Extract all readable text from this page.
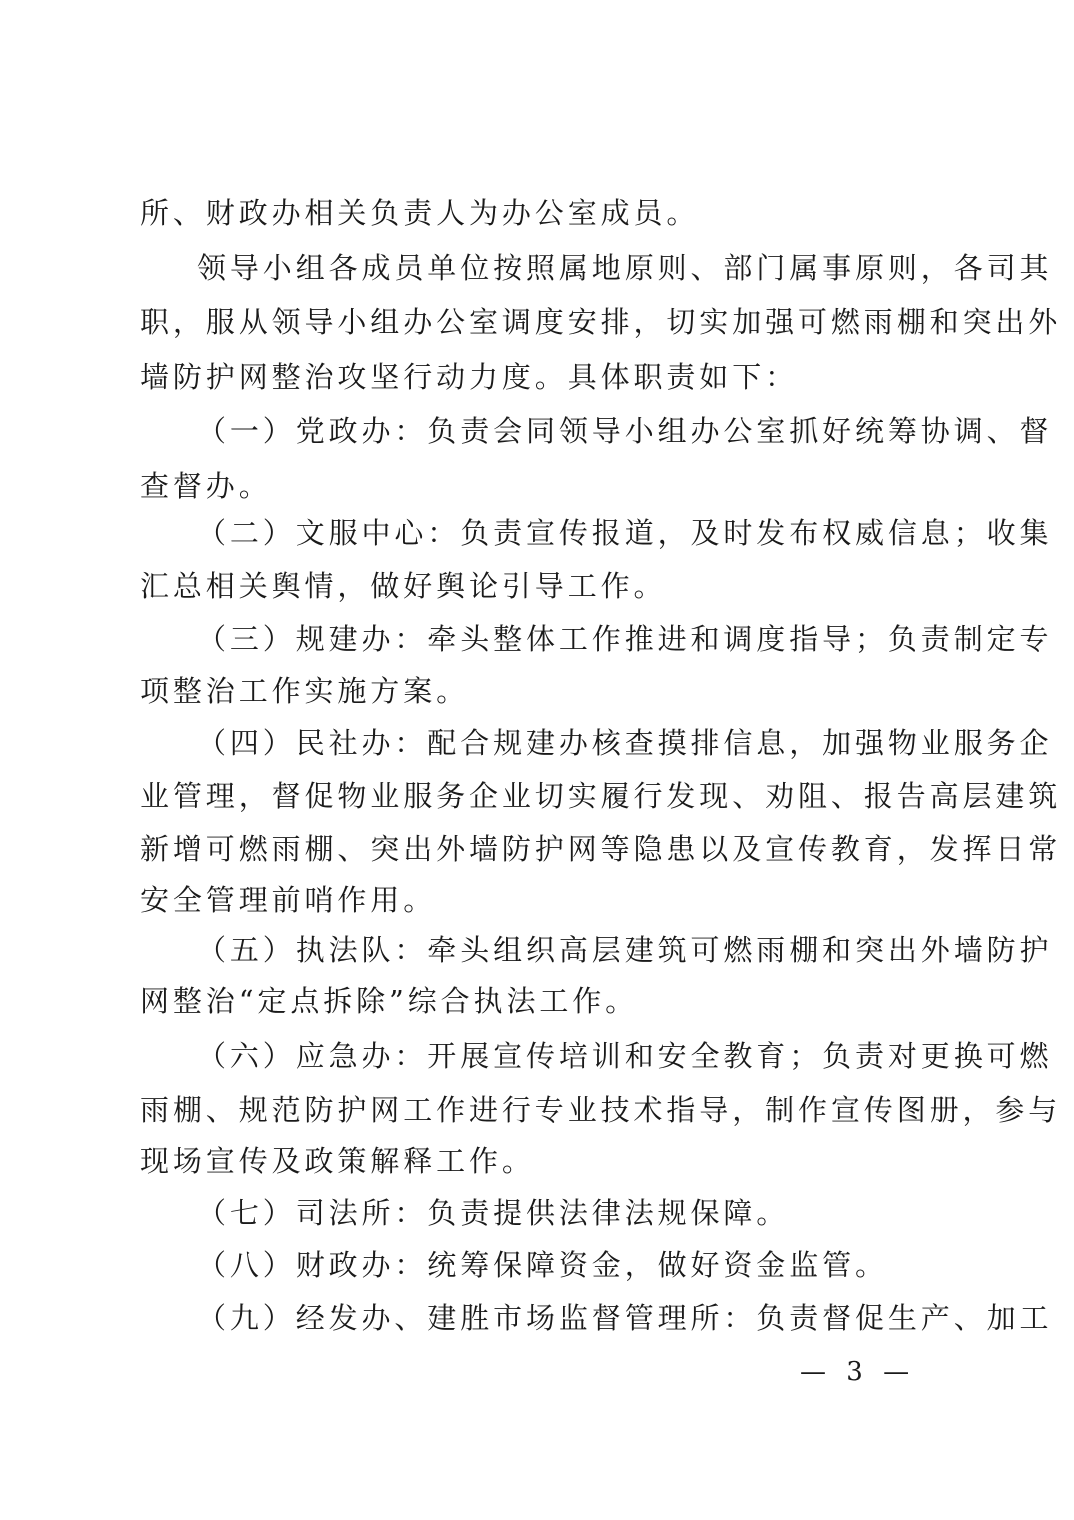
所、财政办相关负责人为办公室成员。
领导小组各成员单位按照属地原则、部门属事原则，各司其
职，服从领导小组办公室调度安排，切实加强可燃雨棚和突出外
墙防护网整治攻坚行动力度。具体职责如下：
（一）党政办：负责会同领导小组办公室抓好统筹协调、督
查督办。
（二）文服中心：负责宣传报道，及时发布权威信息；收集
汇总相关舆情，做好舆论引导工作。
（三）规建办：牵头整体工作推进和调度指导；负责制定专
项整治工作实施方案。
（四）民社办：配合规建办核查摸排信息，加强物业服务企
业管理，督促物业服务企业切实履行发现、劝阻、报告高层建筑
新增可燃雨棚、突出外墙防护网等隐患以及宣传教育，发挥日常
安全管理前哨作用。
（五）执法队：牵头组织高层建筑可燃雨棚和突出外墙防护
网整治“定点拆除”综合执法工作。
（六）应急办：开展宣传培训和安全教育；负责对更换可燃
雨棚、规范防护网工作进行专业技术指导，制作宣传图册，参与
现场宣传及政策解释工作。
（七）司法所：负责提供法律法规保障。
（八）财政办：统筹保障资金，做好资金监管。
（九）经发办、建胜市场监督管理所：负责督促生产、加工
— 3 —
